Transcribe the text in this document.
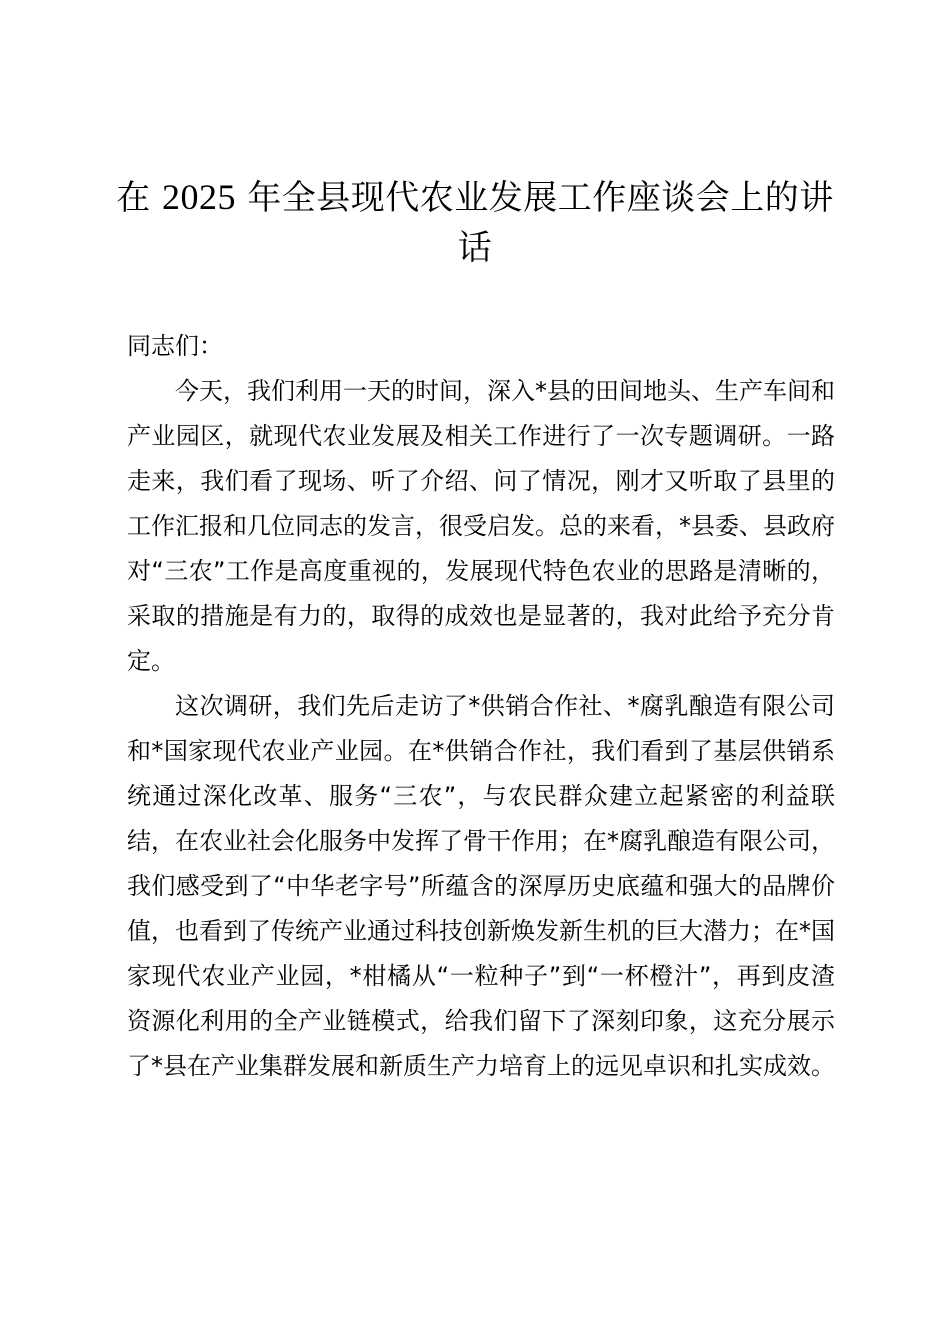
在 2025 年全县现代农业发展工作座谈会上的讲话

同志们：

今天，我们利用一天的时间，深入*县的田间地头、生产车间和产业园区，就现代农业发展及相关工作进行了一次专题调研。一路走来，我们看了现场、听了介绍、问了情况，刚才又听取了县里的工作汇报和几位同志的发言，很受启发。总的来看，*县委、县政府对“三农”工作是高度重视的，发展现代特色农业的思路是清晰的，采取的措施是有力的，取得的成效也是显著的，我对此给予充分肯定。

这次调研，我们先后走访了*供销合作社、*腐乳酿造有限公司和*国家现代农业产业园。在*供销合作社，我们看到了基层供销系统通过深化改革、服务“三农”，与农民群众建立起紧密的利益联结，在农业社会化服务中发挥了骨干作用；在*腐乳酿造有限公司，我们感受到了“中华老字号”所蕴含的深厚历史底蕴和强大的品牌价值，也看到了传统产业通过科技创新焕发新生机的巨大潜力；在*国家现代农业产业园，*柑橘从“一粒种子”到“一杯橙汁”，再到皮渣资源化利用的全产业链模式，给我们留下了深刻印象，这充分展示了*县在产业集群发展和新质生产力培育上的远见卓识和扎实成效。
